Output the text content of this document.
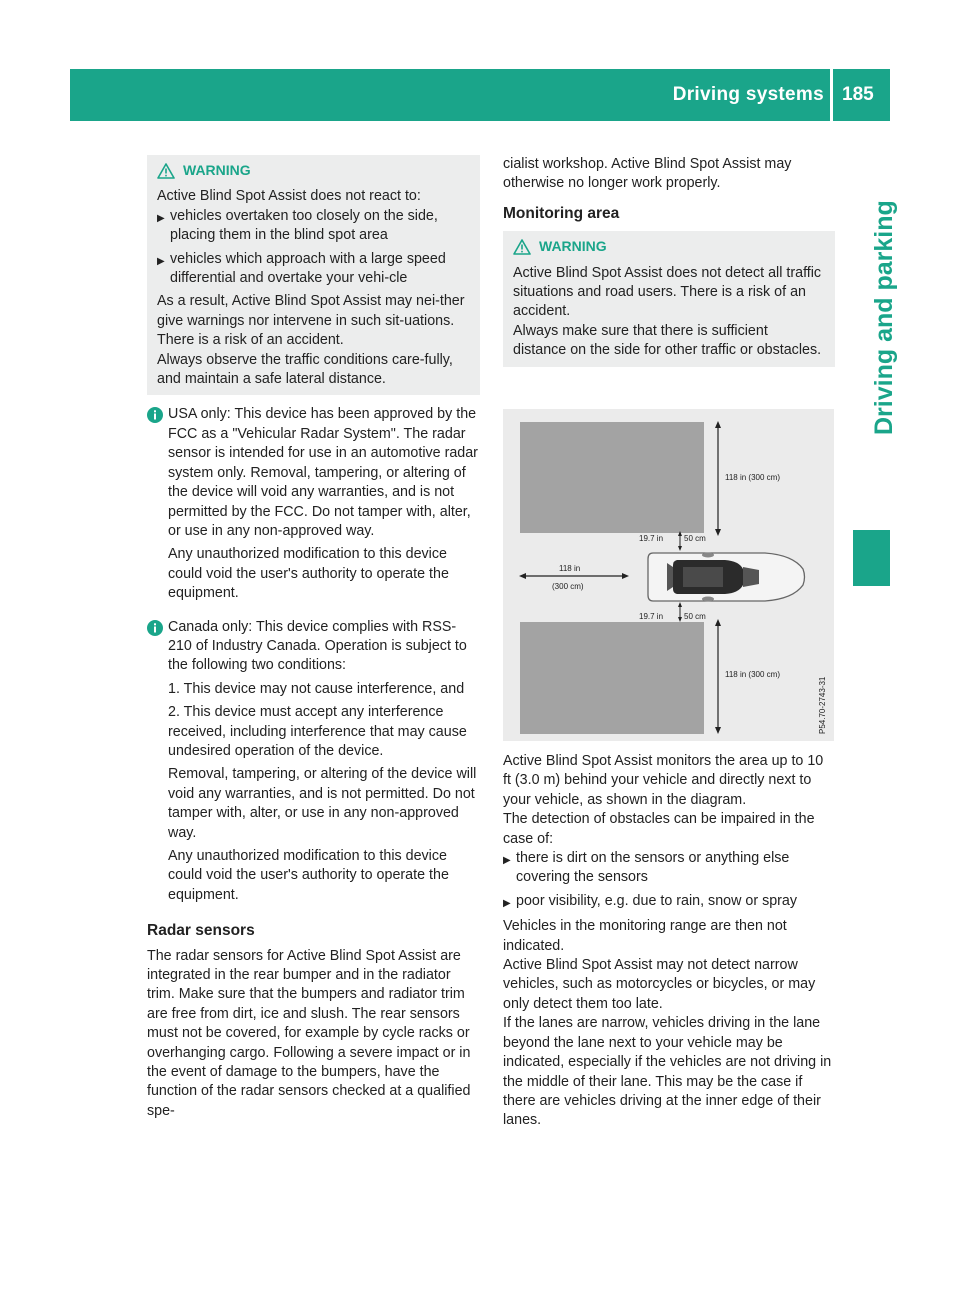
Driving systems 185
Driving and parking
WARNING

Active Blind Spot Assist does not react to:

▶ vehicles overtaken too closely on the side, placing them in the blind spot area
▶ vehicles which approach with a large speed differential and overtake your vehi-cle

As a result, Active Blind Spot Assist may nei-ther give warnings nor intervene in such sit-uations. There is a risk of an accident.

Always observe the traffic conditions care-fully, and maintain a safe lateral distance.

USA only: This device has been approved by the FCC as a "Vehicular Radar System". The radar sensor is intended for use in an automotive radar system only. Removal, tampering, or altering of the device will void any warranties, and is not permitted by the FCC. Do not tamper with, alter, or use in any non-approved way.

Any unauthorized modification to this device could void the user's authority to operate the equipment.

Canada only: This device complies with RSS-210 of Industry Canada. Operation is subject to the following two conditions:

1. This device may not cause interference, and

2. This device must accept any interference received, including interference that may cause undesired operation of the device.

Removal, tampering, or altering of the device will void any warranties, and is not permitted. Do not tamper with, alter, or use in any non-approved way.

Any unauthorized modification to this device could void the user's authority to operate the equipment.

Radar sensors

The radar sensors for Active Blind Spot Assist are integrated in the rear bumper and in the radiator trim. Make sure that the bumpers and radiator trim are free from dirt, ice and slush. The rear sensors must not be covered, for example by cycle racks or overhanging cargo. Following a severe impact or in the event of damage to the bumpers, have the function of the radar sensors checked at a qualified spe-

cialist workshop. Active Blind Spot Assist may otherwise no longer work properly.

Monitoring area
WARNING

Active Blind Spot Assist does not detect all traffic situations and road users. There is a risk of an accident.

Always make sure that there is sufficient distance on the side for other traffic or obstacles.

118 in (300 cm)
19.7 in	50 cm
118 in
(300 cm)
19.7 in	50 cm
118 in (300 cm)
P54.70-2743-31

Active Blind Spot Assist monitors the area up to 10 ft (3.0 m) behind your vehicle and directly next to your vehicle, as shown in the diagram.

The detection of obstacles can be impaired in the case of:

▶ there is dirt on the sensors or anything else covering the sensors
▶ poor visibility, e.g. due to rain, snow or spray

Vehicles in the monitoring range are then not indicated.

Active Blind Spot Assist may not detect narrow vehicles, such as motorcycles or bicycles, or may only detect them too late.

If the lanes are narrow, vehicles driving in the lane beyond the lane next to your vehicle may be indicated, especially if the vehicles are not driving in the middle of their lane. This may be the case if there are vehicles driving at the inner edge of their lanes.
